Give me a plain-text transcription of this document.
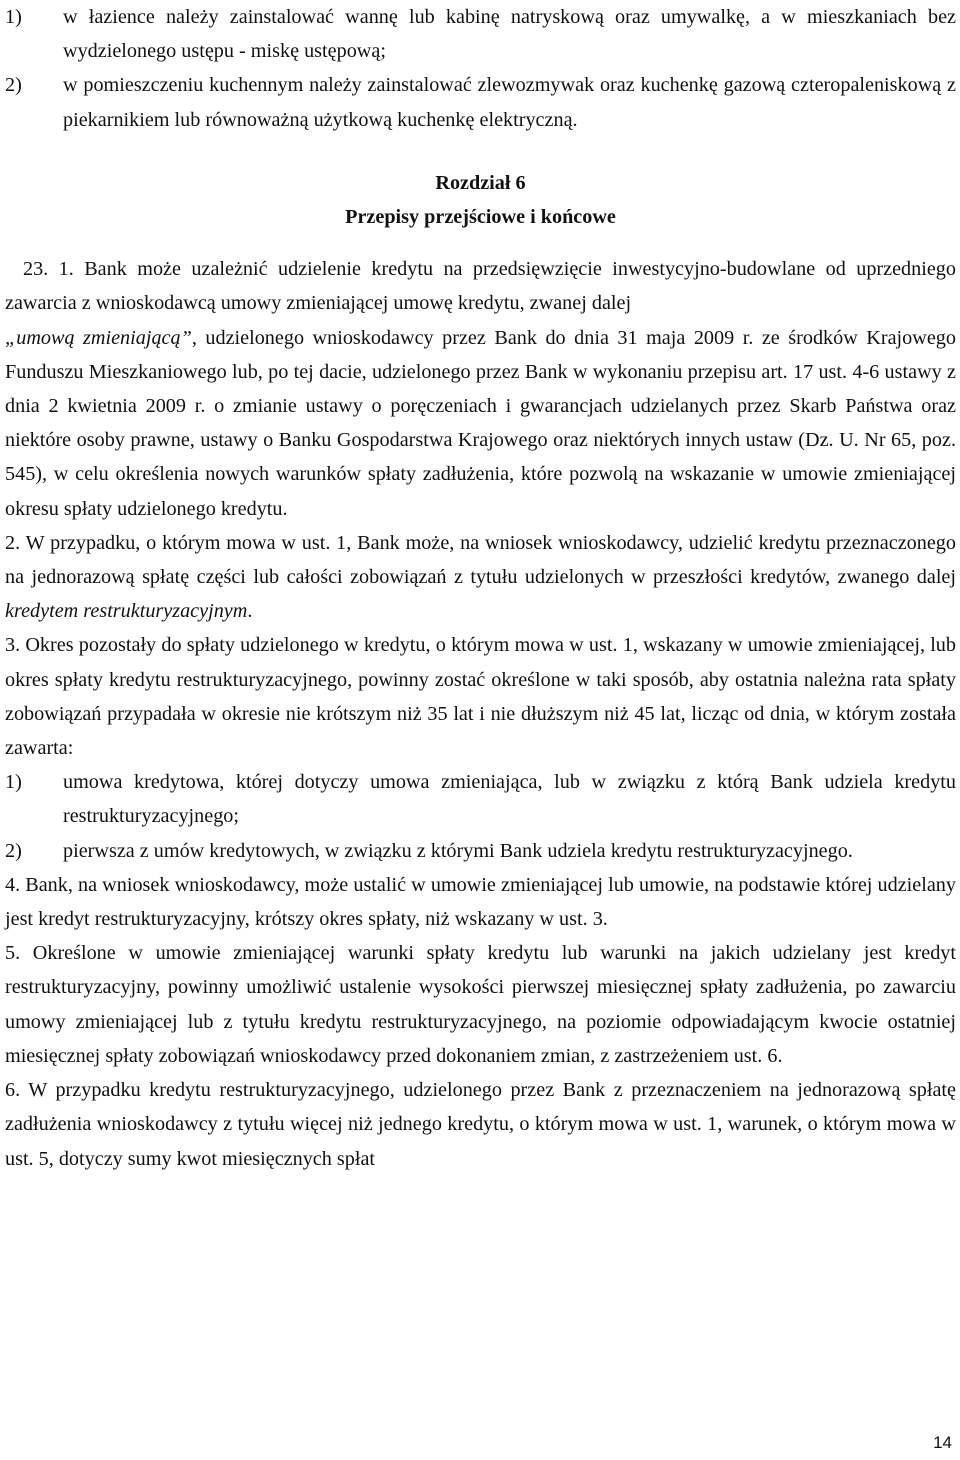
1)	w łazience należy zainstalować wannę lub kabinę natryskową oraz umywalkę, a w mieszkaniach bez wydzielonego ustępu - miskę ustępową;
2)	w pomieszczeniu kuchennym należy zainstalować zlewozmywak oraz kuchenkę gazową czteropaleniskową z piekarnikiem lub równoważną użytkową kuchenkę elektryczną.

Rozdział 6

Przepisy przejściowe i końcowe

23. 1. Bank może uzależnić udzielenie kredytu na przedsięwzięcie inwestycyjno-budowlane od uprzedniego zawarcia z wnioskodawcą umowy zmieniającej umowę kredytu, zwanej dalej
„umową zmieniającą”, udzielonego wnioskodawcy przez Bank do dnia 31 maja 2009 r. ze środków Krajowego Funduszu Mieszkaniowego lub, po tej dacie, udzielonego przez Bank w wykonaniu przepisu art. 17 ust. 4-6 ustawy z dnia 2 kwietnia 2009 r. o zmianie ustawy o poręczeniach i gwarancjach udzielanych przez Skarb Państwa oraz niektóre osoby prawne, ustawy o Banku Gospodarstwa Krajowego oraz niektórych innych ustaw (Dz. U. Nr 65, poz. 545), w celu określenia nowych warunków spłaty zadłużenia, które pozwolą na wskazanie w umowie zmieniającej okresu spłaty udzielonego kredytu.

2. W przypadku, o którym mowa w ust. 1, Bank może, na wniosek wnioskodawcy, udzielić kredytu przeznaczonego na jednorazową spłatę części lub całości zobowiązań z tytułu udzielonych w przeszłości kredytów, zwanego dalej kredytem restrukturyzacyjnym.

3. Okres pozostały do spłaty udzielonego w kredytu, o którym mowa w ust. 1, wskazany w umowie zmieniającej, lub okres spłaty kredytu restrukturyzacyjnego, powinny zostać określone w taki sposób, aby ostatnia należna rata spłaty zobowiązań przypadała w okresie nie krótszym niż 35 lat i nie dłuższym niż 45 lat, licząc od dnia, w którym została zawarta:

1)	umowa kredytowa, której dotyczy umowa zmieniająca, lub w związku z którą Bank udziela kredytu restrukturyzacyjnego;
2)	pierwsza z umów kredytowych, w związku z którymi Bank udziela kredytu restrukturyzacyjnego.

4. Bank, na wniosek wnioskodawcy, może ustalić w umowie zmieniającej lub umowie, na podstawie której udzielany jest kredyt restrukturyzacyjny, krótszy okres spłaty, niż wskazany w ust. 3.

5. Określone w umowie zmieniającej warunki spłaty kredytu lub warunki na jakich udzielany jest kredyt restrukturyzacyjny, powinny umożliwić ustalenie wysokości pierwszej miesięcznej spłaty zadłużenia, po zawarciu umowy zmieniającej lub z tytułu kredytu restrukturyzacyjnego, na poziomie odpowiadającym kwocie ostatniej miesięcznej spłaty zobowiązań wnioskodawcy przed dokonaniem zmian, z zastrzeżeniem ust. 6.

6. W przypadku kredytu restrukturyzacyjnego, udzielonego przez Bank z przeznaczeniem na jednorazową spłatę zadłużenia wnioskodawcy z tytułu więcej niż jednego kredytu, o którym mowa w ust. 1, warunek, o którym mowa w ust. 5, dotyczy sumy kwot miesięcznych spłat

14
